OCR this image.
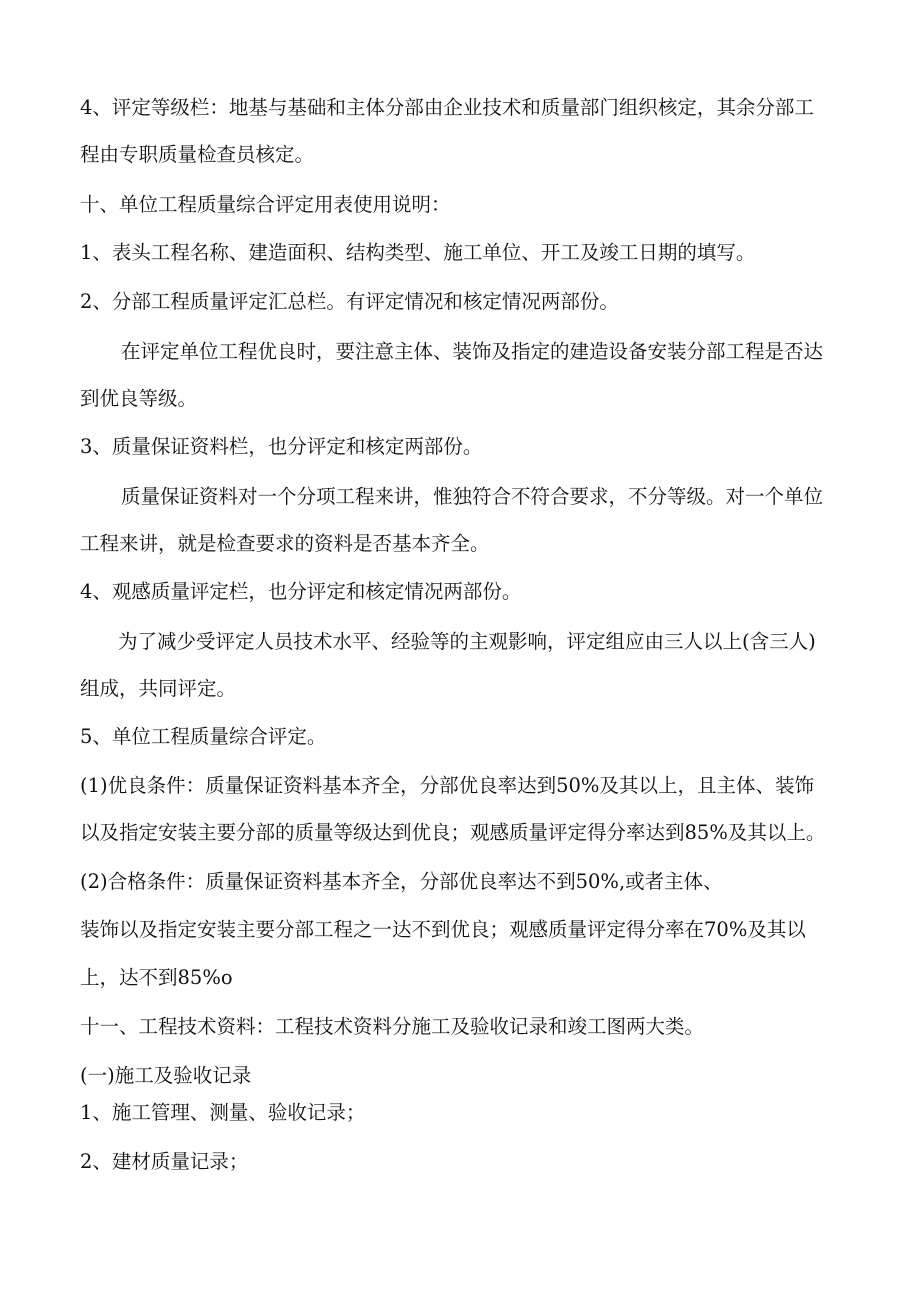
4、评定等级栏：地基与基础和主体分部由企业技术和质量部门组织核定，其余分部工

程由专职质量检查员核定。

十、单位工程质量综合评定用表使用说明：

1、表头工程名称、建造面积、结构类型、施工单位、开工及竣工日期的填写。

2、分部工程质量评定汇总栏。有评定情况和核定情况两部份。

在评定单位工程优良时，要注意主体、装饰及指定的建造设备安装分部工程是否达

到优良等级。

3、质量保证资料栏，也分评定和核定两部份。

质量保证资料对一个分项工程来讲，惟独符合不符合要求，不分等级。对一个单位

工程来讲，就是检查要求的资料是否基本齐全。

4、观感质量评定栏，也分评定和核定情况两部份。

为了减少受评定人员技术水平、经验等的主观影响，评定组应由三人以上(含三人)

组成，共同评定。

5、单位工程质量综合评定。

(1)优良条件：质量保证资料基本齐全，分部优良率达到50%及其以上，且主体、装饰

以及指定安装主要分部的质量等级达到优良；观感质量评定得分率达到85%及其以上。

(2)合格条件：质量保证资料基本齐全，分部优良率达不到50%,或者主体、

装饰以及指定安装主要分部工程之一达不到优良；观感质量评定得分率在70%及其以

上，达不到85%o

十一、工程技术资料：工程技术资料分施工及验收记录和竣工图两大类。

(一)施工及验收记录

1、施工管理、测量、验收记录；

2、建材质量记录；
